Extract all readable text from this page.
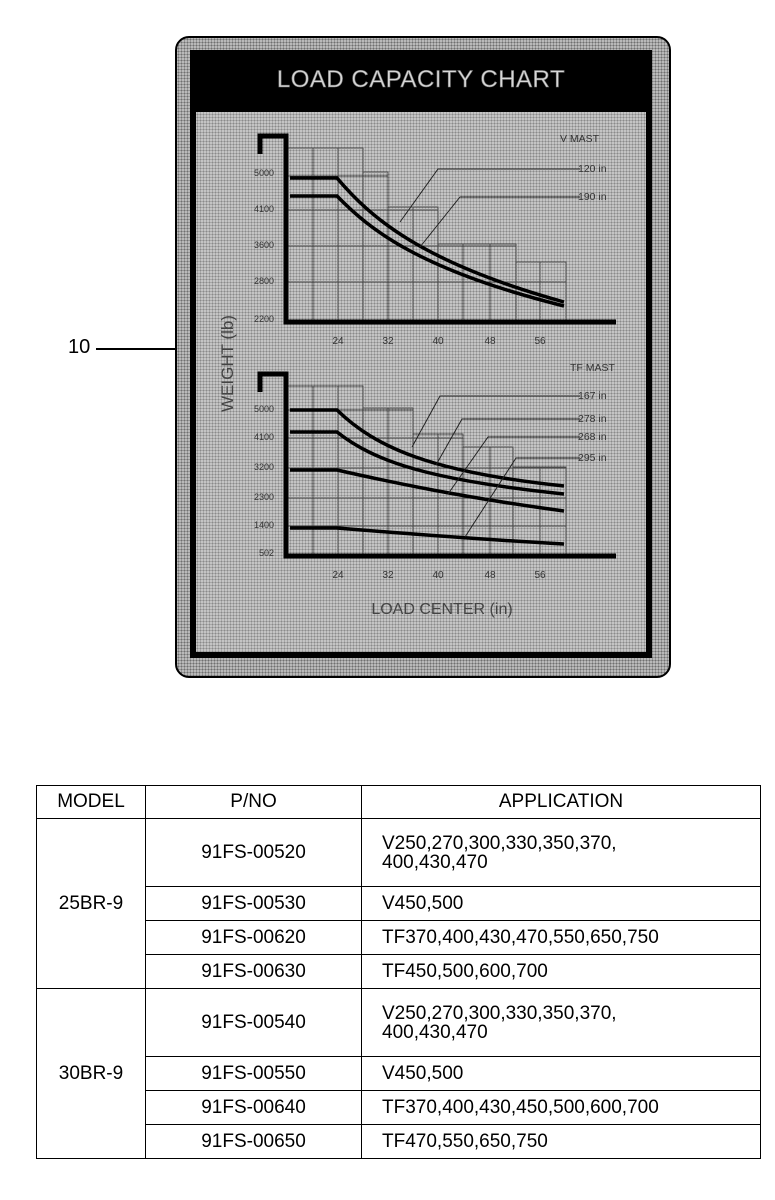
10
LOAD CAPACITY CHART
WEIGHT (lb)
V MAST
120 in
190 in
5000
4100
3600
2800
2200
24	32	40	48	56
TF MAST
167 in
278 in
268 in
295 in
5000
4100
3200
2300
1400
502
24	32	40	48	56
LOAD CENTER (in)
MODEL	P/NO	APPLICATION
25BR-9	91FS-00520	V250,270,300,330,350,370,
400,430,470
	91FS-00530	V450,500
	91FS-00620	TF370,400,430,470,550,650,750
	91FS-00630	TF450,500,600,700
30BR-9	91FS-00540	V250,270,300,330,350,370,
400,430,470
	91FS-00550	V450,500
	91FS-00640	TF370,400,430,450,500,600,700
	91FS-00650	TF470,550,650,750
